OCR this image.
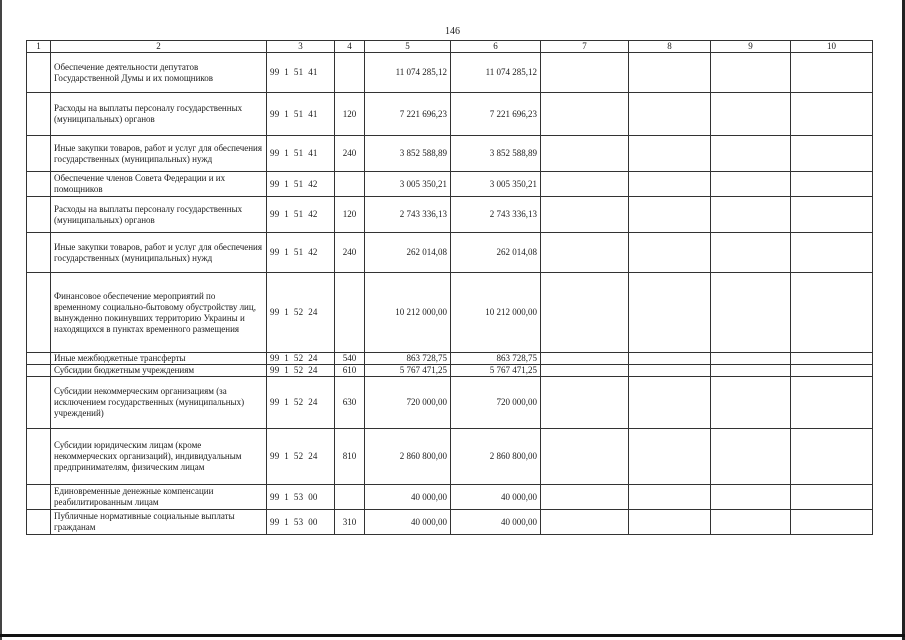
146
1	2	3	4	5	6	7	8	9	10
	Обеспечение деятельности депутатов Государственной Думы и их помощников	99  1  51  41		11 074 285,12	11 074 285,12				
	Расходы на выплаты персоналу государственных (муниципальных) органов	99  1  51  41	120	7 221 696,23	7 221 696,23				
	Иные закупки товаров, работ и услуг для обеспечения государственных (муниципальных) нужд	99  1  51  41	240	3 852 588,89	3 852 588,89				
	Обеспечение членов Совета Федерации и их помощников	99  1  51  42		3 005 350,21	3 005 350,21				
	Расходы на выплаты персоналу государственных (муниципальных) органов	99  1  51  42	120	2 743 336,13	2 743 336,13				
	Иные закупки товаров, работ и услуг для обеспечения государственных (муниципальных) нужд	99  1  51  42	240	262 014,08	262 014,08				
	Финансовое обеспечение мероприятий по временному социально-бытовому обустройству лиц, вынужденно покинувших территорию Украины и находящихся в пунктах временного размещения	99  1  52  24		10 212 000,00	10 212 000,00				
	Иные межбюджетные трансферты	99  1  52  24	540	863 728,75	863 728,75				
	Субсидии бюджетным учреждениям	99  1  52  24	610	5 767 471,25	5 767 471,25				
	Субсидии некоммерческим организациям (за исключением государственных (муниципальных) учреждений)	99  1  52  24	630	720 000,00	720 000,00				
	Субсидии юридическим лицам (кроме некоммерческих организаций), индивидуальным предпринимателям, физическим лицам	99  1  52  24	810	2 860 800,00	2 860 800,00				
	Единовременные денежные компенсации реабилитированным лицам	99  1  53  00		40 000,00	40 000,00				
	Публичные нормативные социальные выплаты гражданам	99  1  53  00	310	40 000,00	40 000,00				
